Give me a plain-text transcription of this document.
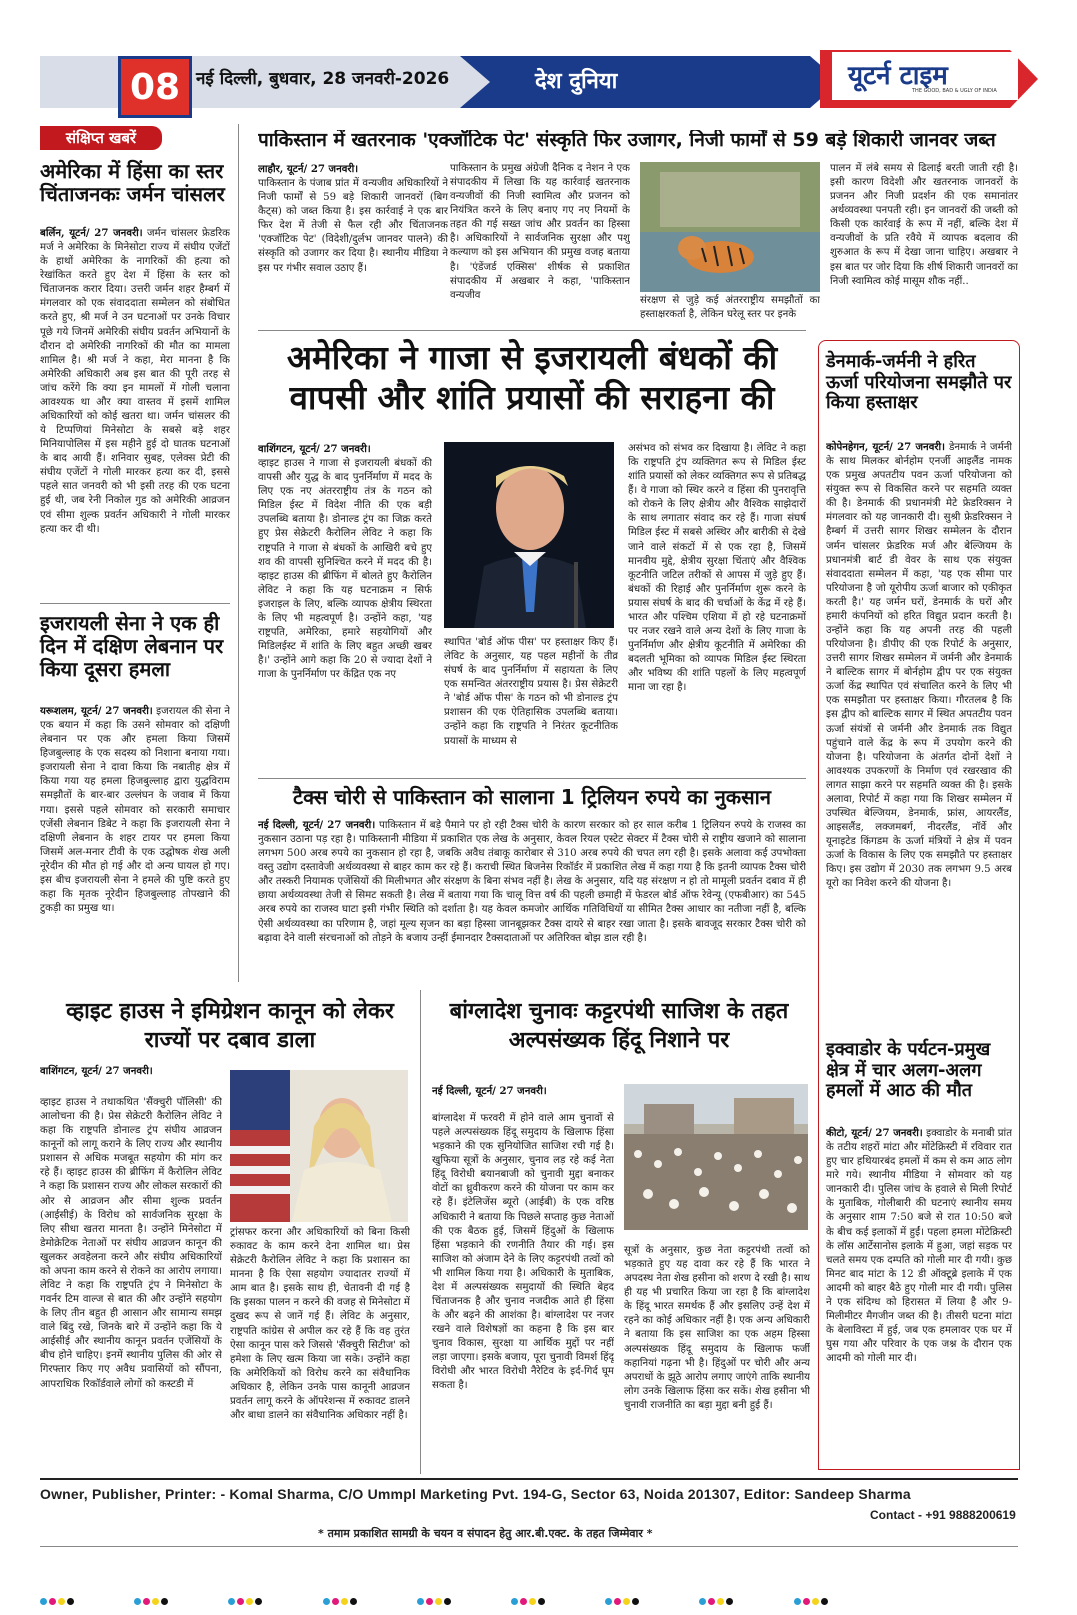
08 नई दिल्ली, बुधवार, 28 जनवरी-2026	देश दुनिया	यूटर्न टाइम
THE GOOD, BAD & UGLY OF INDIA
संक्षिप्त खबरें
अमेरिका में हिंसा का स्तर चिंताजनकः जर्मन चांसलर
बर्लिन, यूटर्न/ 27 जनवरी। जर्मन चांसलर फ्रेडरिक मर्ज ने अमेरिका के मिनेसोटा राज्य में संघीय एजेंटों के हाथों अमेरिका के नागरिकों की हत्या को रेखांकित करते हुए देश में हिंसा के स्तर को चिंताजनक करार दिया। उत्तरी जर्मन शहर हैम्बर्ग में मंगलवार को एक संवाददाता सम्मेलन को संबोधित करते हुए, श्री मर्ज ने उन घटनाओं पर उनके विचार पूछे गये जिनमें अमेरिकी संघीय प्रवर्तन अभियानों के दौरान दो अमेरिकी नागरिकों की मौत का मामला शामिल है। श्री मर्ज ने कहा, मेरा मानना है कि अमेरिकी अधिकारी अब इस बात की पूरी तरह से जांच करेंगे कि क्या इन मामलों में गोली चलाना आवश्यक था और क्या वास्तव में इसमें शामिल अधिकारियों को कोई खतरा था। जर्मन चांसलर की ये टिप्पणियां मिनेसोटा के सबसे बड़े शहर मिनियापोलिस में इस महीने हुई दो घातक घटनाओं के बाद आयी हैं। शनिवार सुबह, एलेक्स प्रेटी की संघीय एजेंटों ने गोली मारकर हत्या कर दी, इससे पहले सात जनवरी को भी इसी तरह की एक घटना हुई थी, जब रेनी निकोल गुड को अमेरिकी आव्रजन एवं सीमा शुल्क प्रवर्तन अधिकारी ने गोली मारकर हत्या कर दी थी।
इजरायली सेना ने एक ही दिन में दक्षिण लेबनान पर किया दूसरा हमला
यरूशलम, यूटर्न/ 27 जनवरी। इजरायल की सेना ने एक बयान में कहा कि उसने सोमवार को दक्षिणी लेबनान पर एक और हमला किया जिसमें हिजबुल्लाह के एक सदस्य को निशाना बनाया गया। इजरायली सेना ने दावा किया कि नबातीह क्षेत्र में किया गया यह हमला हिजबुल्लाह द्वारा युद्धविराम समझौतों के बार-बार उल्लंघन के जवाब में किया गया। इससे पहले सोमवार को सरकारी समाचार एजेंसी लेबनान डिबेट ने कहा कि इजरायली सेना ने दक्षिणी लेबनान के शहर टायर पर हमला किया जिसमें अल-मनार टीवी के एक उद्घोषक शेख अली नूरेदीन की मौत हो गई और दो अन्य घायल हो गए। इस बीच इजरायली सेना ने हमले की पुष्टि करते हुए कहा कि मृतक नूरेदीन हिजबुल्लाह तोपखाने की टुकड़ी का प्रमुख था।
पाकिस्तान में खतरनाक 'एक्जॉटिक पेट' संस्कृति फिर उजागर, निजी फार्मों से 59 बड़े शिकारी जानवर जब्त
लाहौर, यूटर्न/ 27 जनवरी।
पाकिस्तान के पंजाब प्रांत में वन्यजीव अधिकारियों ने निजी फार्मों से 59 बड़े शिकारी जानवरों (बिग कैट्स) को जब्त किया है। इस कार्रवाई ने एक बार फिर देश में तेजी से फैल रही और चिंताजनक 'एक्जॉटिक पेट' (विदेशी/दुर्लभ जानवर पालने) की संस्कृति को उजागर कर दिया है। स्थानीय मीडिया ने इस पर गंभीर सवाल उठाए हैं।
पाकिस्तान के प्रमुख अंग्रेजी दैनिक द नेशन ने एक संपादकीय में लिखा कि यह कार्रवाई खतरनाक वन्यजीवों की निजी स्वामित्व और प्रजनन को नियंत्रित करने के लिए बनाए गए नए नियमों के तहत की गई सख्त जांच और प्रवर्तन का हिस्सा है। अधिकारियों ने सार्वजनिक सुरक्षा और पशु कल्याण को इस अभियान की प्रमुख वजह बताया है। 'एंडेंजर्ड एक्सिस' शीर्षक से प्रकाशित संपादकीय में अखबार ने कहा, 'पाकिस्तान वन्यजीव	संरक्षण से जुड़े कई अंतरराष्ट्रीय समझौतों का हस्ताक्षरकर्ता है, लेकिन घरेलू स्तर पर इनके
पालन में लंबे समय से ढिलाई बरती जाती रही है। इसी कारण विदेशी और खतरनाक जानवरों के प्रजनन और निजी प्रदर्शन की एक समानांतर अर्थव्यवस्था पनपती रही। इन जानवरों की जब्ती को किसी एक कार्रवाई के रूप में नहीं, बल्कि देश में वन्यजीवों के प्रति रवैये में व्यापक बदलाव की शुरुआत के रूप में देखा जाना चाहिए। अखबार ने इस बात पर जोर दिया कि शीर्ष शिकारी जानवरों का निजी स्वामित्व कोई मासूम शौक नहीं..
अमेरिका ने गाजा से इजरायली बंधकों की
वापसी और शांति प्रयासों की सराहना की
वाशिंगटन, यूटर्न/ 27 जनवरी।
व्हाइट हाउस ने गाजा से इजरायली बंधकों की वापसी और युद्ध के बाद पुनर्निर्माण में मदद के लिए एक नए अंतरराष्ट्रीय तंत्र के गठन को मिडिल ईस्ट में विदेश नीति की एक बड़ी उपलब्धि बताया है। डोनाल्ड ट्रंप का जिक्र करते हुए प्रेस सेक्रेटरी कैरोलिन लेविट ने कहा कि राष्ट्रपति ने गाजा से बंधकों के आखिरी बचे हुए शव की वापसी सुनिश्चित करने में मदद की है। व्हाइट हाउस की ब्रीफिंग में बोलते हुए कैरोलिन लेविट ने कहा कि यह घटनाक्रम न सिर्फ इजराइल के लिए, बल्कि व्यापक क्षेत्रीय स्थिरता के लिए भी महत्वपूर्ण है। उन्होंने कहा, 'यह राष्ट्रपति, अमेरिका, हमारे सहयोगियों और मिडिलईस्ट में शांति के लिए बहुत अच्छी खबर है।' उन्होंने आगे कहा कि 20 से ज्यादा देशों ने गाजा के पुनर्निर्माण पर केंद्रित एक नए
स्थापित 'बोर्ड ऑफ पीस' पर हस्ताक्षर किए हैं। लेविट के अनुसार, यह पहल महीनों के तीव्र संघर्ष के बाद पुनर्निर्माण में सहायता के लिए एक समन्वित अंतरराष्ट्रीय प्रयास है। प्रेस सेक्रेटरी ने 'बोर्ड ऑफ पीस' के गठन को भी डोनाल्ड ट्रंप प्रशासन की एक ऐतिहासिक उपलब्धि बताया। उन्होंने कहा कि राष्ट्रपति ने निरंतर कूटनीतिक प्रयासों के माध्यम से
असंभव को संभव कर दिखाया है। लेविट ने कहा कि राष्ट्रपति ट्रंप व्यक्तिगत रूप से मिडिल ईस्ट शांति प्रयासों को लेकर व्यक्तिगत रूप से प्रतिबद्ध हैं। वे गाजा को स्थिर करने व हिंसा की पुनरावृत्ति को रोकने के लिए क्षेत्रीय और वैश्विक साझेदारों के साथ लगातार संवाद कर रहे हैं। गाजा संघर्ष मिडिल ईस्ट में सबसे अस्थिर और बारीकी से देखे जाने वाले संकटों में से एक रहा है, जिसमें मानवीय मुद्दे, क्षेत्रीय सुरक्षा चिंताएं और वैश्विक कूटनीति जटिल तरीकों से आपस में जुड़े हुए हैं। बंधकों की रिहाई और पुनर्निर्माण शुरू करने के प्रयास संघर्ष के बाद की चर्चाओं के केंद्र में रहे हैं। भारत और पश्चिम एशिया में हो रहे घटनाक्रमों पर नजर रखने वाले अन्य देशों के लिए गाजा के पुनर्निर्माण और क्षेत्रीय कूटनीति में अमेरिका की बदलती भूमिका को व्यापक मिडिल ईस्ट स्थिरता और भविष्य की शांति पहलों के लिए महत्वपूर्ण माना जा रहा है।
टैक्स चोरी से पाकिस्तान को सालाना 1 ट्रिलियन रुपये का नुकसान
नई दिल्ली, यूटर्न/ 27 जनवरी। पाकिस्तान में बड़े पैमाने पर हो रही टैक्स चोरी के कारण सरकार को हर साल करीब 1 ट्रिलियन रुपये के राजस्व का नुकसान उठाना पड़ रहा है। पाकिस्तानी मीडिया में प्रकाशित एक लेख के अनुसार, केवल रियल एस्टेट सेक्टर में टैक्स चोरी से राष्ट्रीय खजाने को सालाना लगभग 500 अरब रुपये का नुकसान हो रहा है, जबकि अवैध तंबाकू कारोबार से 310 अरब रुपये की चपत लग रही है। इसके अलावा कई उपभोक्ता वस्तु उद्योग दस्तावेजी अर्थव्यवस्था से बाहर काम कर रहे हैं। कराची स्थित बिजनेस रिकॉर्डर में प्रकाशित लेख में कहा गया है कि इतनी व्यापक टैक्स चोरी और तस्करी नियामक एजेंसियों की मिलीभगत और संरक्षण के बिना संभव नहीं है। लेख के अनुसार, यदि यह संरक्षण न हो तो मामूली प्रवर्तन दबाव में ही छाया अर्थव्यवस्था तेजी से सिमट सकती है। लेख में बताया गया कि चालू वित्त वर्ष की पहली छमाही में फेडरल बोर्ड ऑफ रेवेन्यू (एफबीआर) का 545 अरब रुपये का राजस्व घाटा इसी गंभीर स्थिति को दर्शाता है। यह केवल कमजोर आर्थिक गतिविधियों या सीमित टैक्स आधार का नतीजा नहीं है, बल्कि ऐसी अर्थव्यवस्था का परिणाम है, जहां मूल्य सृजन का बड़ा हिस्सा जानबूझकर टैक्स दायरे से बाहर रखा जाता है। इसके बावजूद सरकार टैक्स चोरी को बढ़ावा देने वाली संरचनाओं को तोड़ने के बजाय उन्हीं ईमानदार टैक्सदाताओं पर अतिरिक्त बोझ डाल रही है।
डेनमार्क-जर्मनी ने हरित ऊर्जा परियोजना समझौते पर किया हस्ताक्षर
कोपेनहेगन, यूटर्न/ 27 जनवरी। डेनमार्क ने जर्मनी के साथ मिलकर बोर्नहोम एनर्जी आइलैंड नामक एक प्रमुख अपतटीय पवन ऊर्जा परियोजना को संयुक्त रूप से विकसित करने पर सहमति व्यक्त की है। डेनमार्क की प्रधानमंत्री मेटे फ्रेडरिक्सन ने मंगलवार को यह जानकारी दी। सुश्री फ्रेडरिक्सन ने हैम्बर्ग में उत्तरी सागर शिखर सम्मेलन के दौरान जर्मन चांसलर फ्रेडरिक मर्ज और बेल्जियम के प्रधानमंत्री बार्ट डी वेवर के साथ एक संयुक्त संवाददाता सम्मेलन में कहा, 'यह एक सीमा पार परियोजना है जो यूरोपीय ऊर्जा बाजार को एकीकृत करती है।' यह जर्मन घरों, डेनमार्क के घरों और हमारी कंपनियों को हरित विद्युत प्रदान करती है। उन्होंने कहा कि यह अपनी तरह की पहली परियोजना है। डीपीए की एक रिपोर्ट के अनुसार, उत्तरी सागर शिखर सम्मेलन में जर्मनी और डेनमार्क ने बाल्टिक सागर में बोर्नहोम द्वीप पर एक संयुक्त ऊर्जा केंद्र स्थापित एवं संचालित करने के लिए भी एक समझौता पर हस्ताक्षर किया। गौरतलब है कि इस द्वीप को बाल्टिक सागर में स्थित अपतटीय पवन ऊर्जा संयंत्रों से जर्मनी और डेनमार्क तक विद्युत पहुंचाने वाले केंद्र के रूप में उपयोग करने की योजना है। परियोजना के अंतर्गत दोनों देशों ने आवश्यक उपकरणों के निर्माण एवं रखरखाव की लागत साझा करने पर सहमति व्यक्त की है। इसके अलावा, रिपोर्ट में कहा गया कि शिखर सम्मेलन में उपस्थित बेल्जियम, डेनमार्क, फ्रांस, आयरलैंड, आइसलैंड, लक्जमबर्ग, नीदरलैंड, नॉर्वे और यूनाइटेड किंगडम के ऊर्जा मंत्रियों ने क्षेत्र में पवन ऊर्जा के विकास के लिए एक समझौते पर हस्ताक्षर किए। इस उद्योग में 2030 तक लगभग 9.5 अरब यूरो का निवेश करने की योजना है।
इक्वाडोर के पर्यटन-प्रमुख क्षेत्र में चार अलग-अलग हमलों में आठ की मौत
कीटो, यूटर्न/ 27 जनवरी। इक्वाडोर के मनाबी प्रांत के तटीय शहरों मांटा और मोंटेक्रिस्टी में रविवार रात हुए चार हथियारबंद हमलों में कम से कम आठ लोग मारे गये। स्थानीय मीडिया ने सोमवार को यह जानकारी दी। पुलिस जांच के हवाले से मिली रिपोर्ट के मुताबिक, गोलीबारी की घटनाएं स्थानीय समय के अनुसार शाम 7:50 बजे से रात 10:50 बजे के बीच कई इलाकों में हुईं। पहला हमला मोंटेक्रिस्टी के लॉस आर्टेसानोस इलाके में हुआ, जहां सड़क पर चलते समय एक दम्पति को गोली मार दी गयी। कुछ मिनट बाद मांटा के 12 डी ऑक्टूब्रे इलाके में एक आदमी को बाहर बैठे हुए गोली मार दी गयी। पुलिस ने एक संदिग्ध को हिरासत में लिया है और 9-मिलीमीटर मैगजीन जब्त की है। तीसरी घटना मांटा के बेलाविस्टा में हुई, जब एक हमलावर एक घर में घुस गया और परिवार के एक जश्न के दौरान एक आदमी को गोली मार दी।
व्हाइट हाउस ने इमिग्रेशन कानून को लेकर राज्यों पर दबाव डाला
वाशिंगटन, यूटर्न/ 27 जनवरी।
व्हाइट हाउस ने तथाकथित 'सैंक्चुरी पॉलिसी' की आलोचना की है। प्रेस सेक्रेटरी कैरोलिन लेविट ने कहा कि राष्ट्रपति डोनाल्ड ट्रंप संघीय आव्रजन कानूनों को लागू कराने के लिए राज्य और स्थानीय प्रशासन से अधिक मजबूत सहयोग की मांग कर रहे हैं। व्हाइट हाउस की ब्रीफिंग में कैरोलिन लेविट ने कहा कि प्रशासन राज्य और लोकल सरकारों की ओर से आव्रजन और सीमा शुल्क प्रवर्तन (आईसीई) के विरोध को सार्वजनिक सुरक्षा के लिए सीधा खतरा मानता है। उन्होंने मिनेसोटा में डेमोक्रेटिक नेताओं पर संघीय आव्रजन कानून की खुलकर अवहेलना करने और संघीय अधिकारियों को अपना काम करने से रोकने का आरोप लगाया। लेविट ने कहा कि राष्ट्रपति ट्रंप ने मिनेसोटा के गवर्नर टिम वाल्ज से बात की और उन्होंने सहयोग के लिए तीन बहुत ही आसान और सामान्य समझ वाले बिंदु रखे, जिनके बारे में उन्होंने कहा कि ये आईसीई और स्थानीय कानून प्रवर्तन एजेंसियों के बीच होने चाहिए। इनमें स्थानीय पुलिस की ओर से गिरफ्तार किए गए अवैध प्रवासियों को सौंपना, आपराधिक रिकॉर्डवाले लोगों को कस्टडी में
ट्रांसफर करना और अधिकारियों को बिना किसी रुकावट के काम करने देना शामिल था। प्रेस सेक्रेटरी कैरोलिन लेविट ने कहा कि प्रशासन का मानना है कि ऐसा सहयोग ज्यादातर राज्यों में आम बात है। इसके साथ ही, चेतावनी दी गई है कि इसका पालन न करने की वजह से मिनेसोटा में दुखद रूप से जानें गई हैं। लेविट के अनुसार, राष्ट्रपति कांग्रेस से अपील कर रहे हैं कि वह तुरंत ऐसा कानून पास करे जिससे 'सैंक्चुरी सिटीज' को हमेशा के लिए खत्म किया जा सके। उन्होंने कहा कि अमेरिकियों को विरोध करने का संवैधानिक अधिकार है, लेकिन उनके पास कानूनी आव्रजन प्रवर्तन लागू करने के ऑपरेशन्स में रुकावट डालने और बाधा डालने का संवैधानिक अधिकार नहीं है।
बांग्लादेश चुनावः कट्टरपंथी साजिश के तहत अल्पसंख्यक हिंदू निशाने पर
नई दिल्ली, यूटर्न/ 27 जनवरी।
बांग्लादेश में फरवरी में होने वाले आम चुनावों से पहले अल्पसंख्यक हिंदू समुदाय के खिलाफ हिंसा भड़काने की एक सुनियोजित साजिश रची गई है। खुफिया सूत्रों के अनुसार, चुनाव लड़ रहे कई नेता हिंदू विरोधी बयानबाजी को चुनावी मुद्दा बनाकर वोटों का ध्रुवीकरण करने की योजना पर काम कर रहे हैं। इंटेलिजेंस ब्यूरो (आईबी) के एक वरिष्ठ अधिकारी ने बताया कि पिछले सप्ताह कुछ नेताओं की एक बैठक हुई, जिसमें हिंदुओं के खिलाफ हिंसा भड़काने की रणनीति तैयार की गई। इस साजिश को अंजाम देने के लिए कट्टरपंथी तत्वों को भी शामिल किया गया है। अधिकारी के मुताबिक, देश में अल्पसंख्यक समुदायों की स्थिति बेहद चिंताजनक है और चुनाव नजदीक आते ही हिंसा के और बढ़ने की आशंका है। बांग्लादेश पर नजर रखने वाले विशेषज्ञों का कहना है कि इस बार चुनाव विकास, सुरक्षा या आर्थिक मुद्दों पर नहीं लड़ा जाएगा। इसके बजाय, पूरा चुनावी विमर्श हिंदू विरोधी और भारत विरोधी नैरेटिव के इर्द-गिर्द घूम सकता है।
सूत्रों के अनुसार, कुछ नेता कट्टरपंथी तत्वों को भड़काते हुए यह दावा कर रहे हैं कि भारत ने अपदस्थ नेता शेख हसीना को शरण दे रखी है। साथ ही यह भी प्रचारित किया जा रहा है कि बांग्लादेश के हिंदू भारत समर्थक हैं और इसलिए उन्हें देश में रहने का कोई अधिकार नहीं है। एक अन्य अधिकारी ने बताया कि इस साजिश का एक अहम हिस्सा अल्पसंख्यक हिंदू समुदाय के खिलाफ फर्जी कहानियां गढ़ना भी है। हिंदुओं पर चोरी और अन्य अपराधों के झूठे आरोप लगाए जाएंगे ताकि स्थानीय लोग उनके खिलाफ हिंसा कर सकें। शेख हसीना भी चुनावी राजनीति का बड़ा मुद्दा बनी हुई हैं।
Owner, Publisher, Printer: - Komal Sharma, C/O Ummpl Marketing Pvt. 194-G, Sector 63, Noida 201307, Editor: Sandeep Sharma
Contact - +91 9888200619
* तमाम प्रकाशित सामग्री के चयन व संपादन हेतु आर.बी.एक्ट. के तहत जिम्मेवार *
